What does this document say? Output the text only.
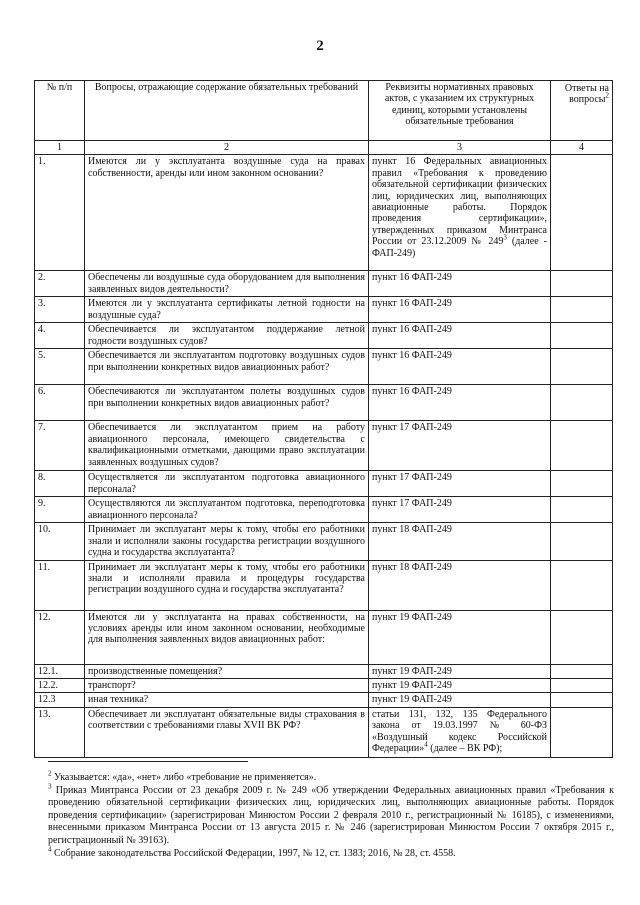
2
№ п/п	Вопросы, отражающие содержание обязательных требований	Реквизиты нормативных правовых актов, с указанием их структурных единиц, которыми установлены обязательные требования	Ответы на вопросы$^2$
1	2	3	4
1.	Имеются ли у эксплуатанта воздушные суда на правах собственности, аренды или ином законном основании?	пункт 16 Федеральных авиационных правил «Требования к проведению обязательной сертификации физических лиц, юридических лиц, выполняющих авиационные работы. Порядок проведения сертификации», утвержденных приказом Минтранса России от 23.12.2009 № $249^3$ (далее - ФАП-249)	
2.	Обеспечены ли воздушные суда оборудованием для выполнения заявленных видов деятельности?	пункт 16 ФАП-249	
3.	Имеются ли у эксплуатанта сертификаты летной годности на воздушные суда?	пункт 16 ФАП-249	
4.	Обеспечивается ли эксплуатантом поддержание летной годности воздушных судов?	пункт 16 ФАП-249	
5.	Обеспечивается ли эксплуатантом подготовку воздушных судов при выполнении конкретных видов авиационных работ?	пункт 16 ФАП-249	
6.	Обеспечиваются ли эксплуатантом полеты воздушных судов при выполнении конкретных видов авиационных работ?	пункт 16 ФАП-249	
7.	Обеспечивается ли эксплуатантом прием на работу авиационного персонала, имеющего свидетельства с квалификационными отметками, дающими право эксплуатации заявленных воздушных судов?	пункт 17 ФАП-249	
8.	Осуществляется ли эксплуатантом подготовка авиационного персонала?	пункт 17 ФАП-249	
9.	Осуществляются ли эксплуатантом подготовка, переподготовка авиационного персонала?	пункт 17 ФАП-249	
10.	Принимает ли эксплуатант меры к тому, чтобы его работники знали и исполняли законы государства регистрации воздушного судна и государства эксплуатанта?	пункт 18 ФАП-249	
11.	Принимает ли эксплуатант меры к тому, чтобы его работники знали и исполняли правила и процедуры государства регистрации воздушного судна и государства эксплуатанта?	пункт 18 ФАП-249	
12.	Имеются ли у эксплуатанта на правах собственности, на условиях аренды или ином законном основании, необходимые для выполнения заявленных видов авиационных работ:	пункт 19 ФАП-249	
12.1.	производственные помещения?	пункт 19 ФАП-249	
12.2.	транспорт?	пункт 19 ФАП-249	
12.3	иная техника?	пункт 19 ФАП-249	
13.	Обеспечивает ли эксплуатант обязательные виды страхования в соответствии с требованиями главы XVII ВК РФ?	статьи 131, 132, 135 Федерального закона от 19.03.1997 № 60-ФЗ «Воздушный кодекс Российской Федерации»$^4$ (далее – ВК РФ);	

$^2$ Указывается: «да», «нет» либо «требование не применяется».

$^3$ Приказ Минтранса России от 23 декабря 2009 г. № 249 «Об утверждении Федеральных авиационных правил «Требования к проведению обязательной сертификации физических лиц, юридических лиц, выполняющих авиационные работы. Порядок проведения сертификации» (зарегистрирован Минюстом России 2 февраля 2010 г., регистрационный № 16185), с изменениями, внесенными приказом Минтранса России от 13 августа 2015 г. № 246 (зарегистрирован Минюстом России 7 октября 2015 г., регистрационный № 39163).

$^4$ Собрание законодательства Российской Федерации, 1997, № 12, ст. 1383; 2016, № 28, ст. 4558.
